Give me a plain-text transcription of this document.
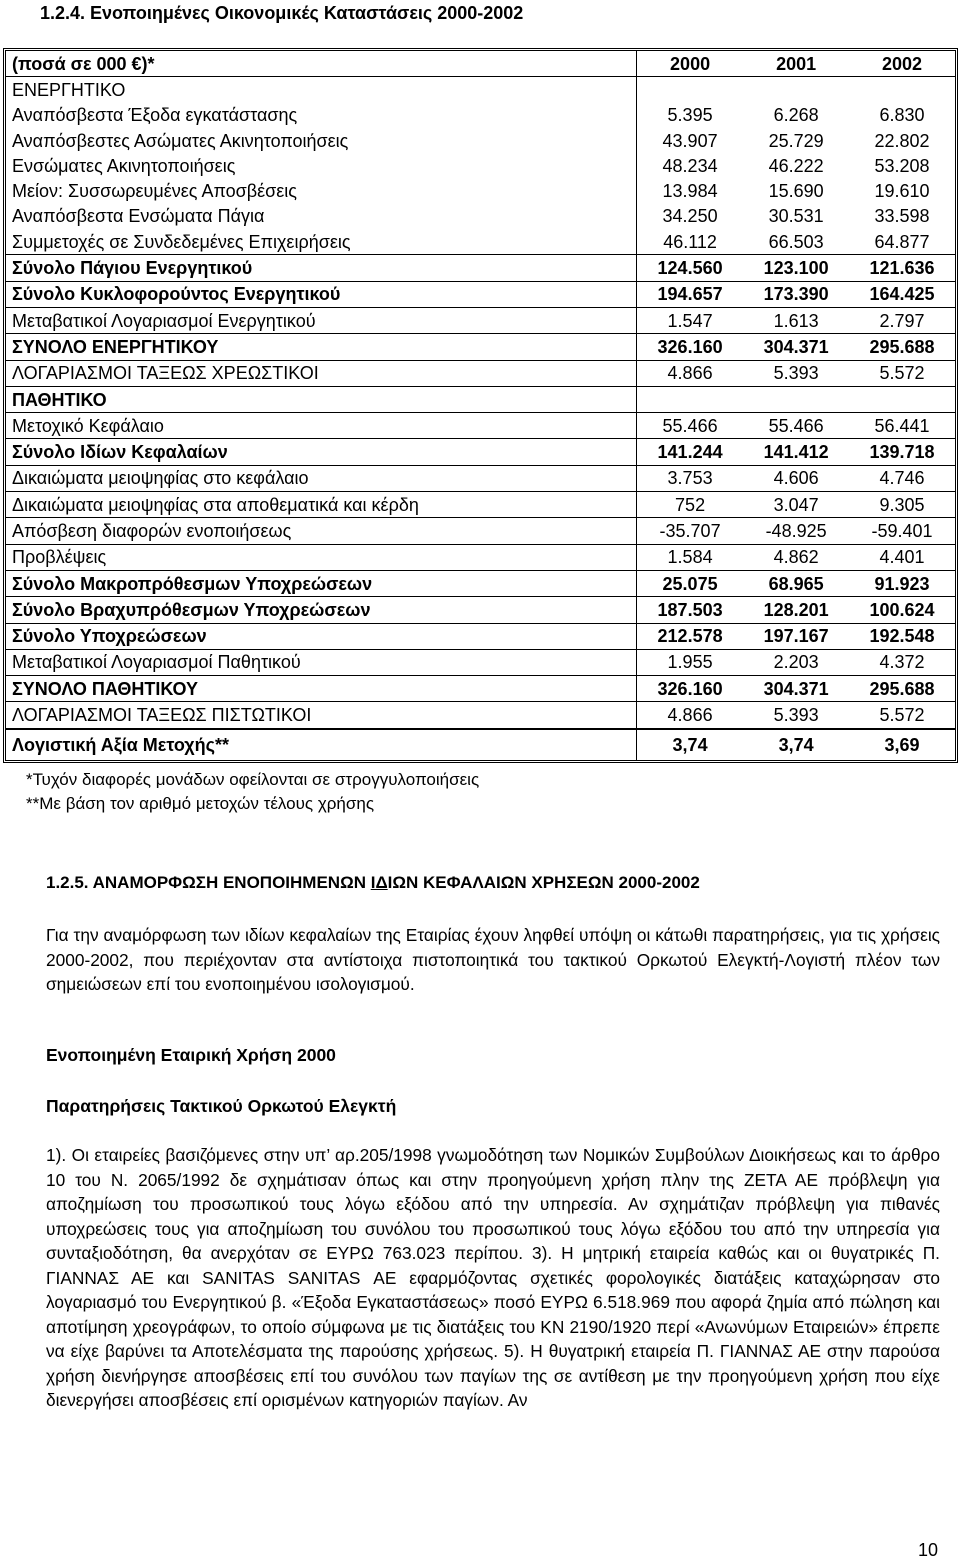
1.2.4. Ενοποιημένες Οικονομικές Καταστάσεις 2000-2002
(ποσά σε 000 €)*	2000	2001	2002
ΕΝΕΡΓΗΤΙΚΟ			
Αναπόσβεστα Έξοδα εγκατάστασης	5.395	6.268	6.830
Αναπόσβεστες Ασώματες Ακινητοποιήσεις	43.907	25.729	22.802
Ενσώματες Ακινητοποιήσεις	48.234	46.222	53.208
Μείον: Συσσωρευμένες Αποσβέσεις	13.984	15.690	19.610
Αναπόσβεστα Ενσώματα Πάγια	34.250	30.531	33.598
Συμμετοχές σε Συνδεδεμένες Επιχειρήσεις	46.112	66.503	64.877
Σύνολο Πάγιου Ενεργητικού	124.560	123.100	121.636
Σύνολο Κυκλοφορούντος Ενεργητικού	194.657	173.390	164.425
Μεταβατικοί Λογαριασμοί Ενεργητικού	1.547	1.613	2.797
ΣΥΝΟΛΟ ΕΝΕΡΓΗΤΙΚΟΥ	326.160	304.371	295.688
ΛΟΓΑΡΙΑΣΜΟΙ ΤΑΞΕΩΣ ΧΡΕΩΣΤΙΚΟΙ	4.866	5.393	5.572
ΠΑΘΗΤΙΚΟ			
Μετοχικό Κεφάλαιο	55.466	55.466	56.441
Σύνολο Ιδίων Κεφαλαίων	141.244	141.412	139.718
Δικαιώματα μειοψηφίας στο κεφάλαιο	3.753	4.606	4.746
Δικαιώματα μειοψηφίας στα αποθεματικά και κέρδη	752	3.047	9.305
Απόσβεση διαφορών ενοποιήσεως	-35.707	-48.925	-59.401
Προβλέψεις	1.584	4.862	4.401
Σύνολο Μακροπρόθεσμων Υποχρεώσεων	25.075	68.965	91.923
Σύνολο Βραχυπρόθεσμων Υποχρεώσεων	187.503	128.201	100.624
Σύνολο Υποχρεώσεων	212.578	197.167	192.548
Μεταβατικοί Λογαριασμοί Παθητικού	1.955	2.203	4.372
ΣΥΝΟΛΟ ΠΑΘΗΤΙΚΟΥ	326.160	304.371	295.688
ΛΟΓΑΡΙΑΣΜΟΙ ΤΑΞΕΩΣ ΠΙΣΤΩΤΙΚΟΙ	4.866	5.393	5.572
Λογιστική Αξία Μετοχής**	3,74	3,74	3,69
*Τυχόν διαφορές μονάδων οφείλονται σε στρογγυλοποιήσεις
**Με βάση τον αριθμό μετοχών τέλους χρήσης
1.2.5. ΑΝΑΜΟΡΦΩΣΗ ΕΝΟΠΟΙΗΜΕΝΩΝ ΙΔΙΩΝ ΚΕΦΑΛΑΙΩΝ ΧΡΗΣΕΩΝ 2000-2002
Για την αναμόρφωση των ιδίων κεφαλαίων της Εταιρίας έχουν ληφθεί υπόψη οι κάτωθι παρατηρήσεις, για τις χρήσεις 2000-2002, που περιέχονταν στα αντίστοιχα πιστοποιητικά του τακτικού Ορκωτού Ελεγκτή-Λογιστή πλέον των σημειώσεων επί του ενοποιημένου ισολογισμού.
Ενοποιημένη Εταιρική Χρήση 2000
Παρατηρήσεις Τακτικού Ορκωτού Ελεγκτή
1). Οι εταιρείες βασιζόμενες στην υπ’ αρ.205/1998 γνωμοδότηση των Νομικών Συμβούλων Διοικήσεως και το άρθρο 10 του Ν. 2065/1992 δε σχημάτισαν όπως και στην προηγούμενη χρήση πλην της ΖΕΤΑ ΑΕ πρόβλεψη για αποζημίωση του προσωπικού τους λόγω εξόδου από την υπηρεσία. Αν σχημάτιζαν πρόβλεψη για πιθανές υποχρεώσεις τους για αποζημίωση του συνόλου του προσωπικού τους λόγω εξόδου του από την υπηρεσία για συνταξιοδότηση, θα ανερχόταν σε ΕΥΡΩ 763.023 περίπου. 3). Η μητρική εταιρεία καθώς και οι θυγατρικές Π. ΓΙΑΝΝΑΣ ΑΕ και SANITAS SANITAS ΑΕ εφαρμόζοντας σχετικές φορολογικές διατάξεις καταχώρησαν στο λογαριασμό του Ενεργητικού β. «Έξοδα Εγκαταστάσεως» ποσό ΕΥΡΩ 6.518.969 που αφορά ζημία από πώληση και αποτίμηση χρεογράφων, το οποίο σύμφωνα με τις διατάξεις του ΚΝ 2190/1920 περί «Ανωνύμων Εταιρειών» έπρεπε να είχε βαρύνει τα Αποτελέσματα της παρούσης χρήσεως. 5). Η θυγατρική εταιρεία Π. ΓΙΑΝΝΑΣ ΑΕ στην παρούσα χρήση διενήργησε αποσβέσεις επί του συνόλου των παγίων της σε αντίθεση με την προηγούμενη χρήση που είχε διενεργήσει αποσβέσεις επί ορισμένων κατηγοριών παγίων. Αν
10
